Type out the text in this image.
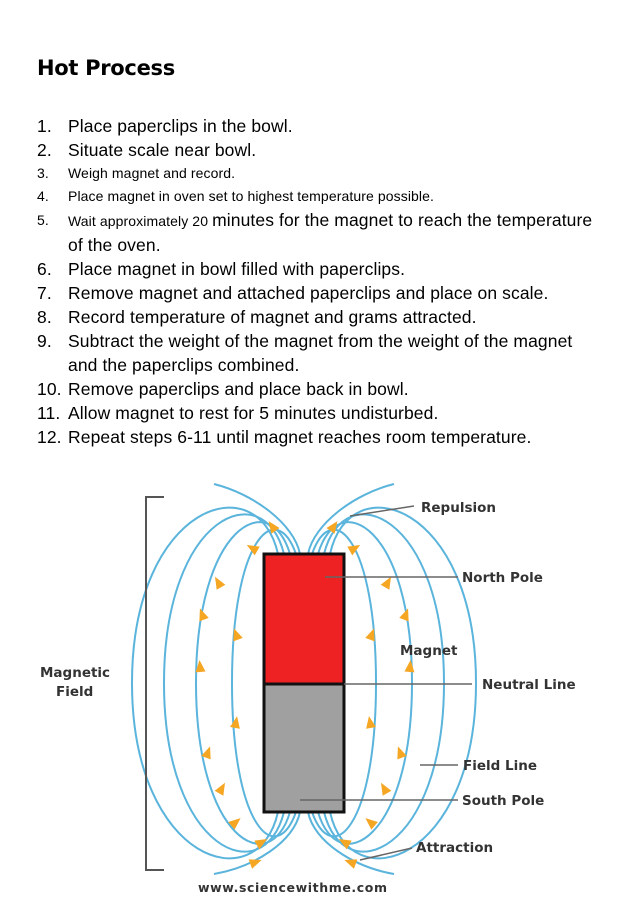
Hot Process
1. Place paperclips in the bowl.
2. Situate scale near bowl.
3.	Weigh magnet and record.
4.	Place magnet in oven set to highest temperature possible.
5.	Wait approximately 20 minutes for the magnet to reach the temperature of the oven.
6. Place magnet in bowl filled with paperclips.
7. Remove magnet and attached paperclips and place on scale.
8. Record temperature of magnet and grams attracted.
9. Subtract the weight of the magnet from the weight of the magnet and the paperclips combined.
10. Remove paperclips and place back in bowl.
11. Allow magnet to rest for 5 minutes undisturbed.
12. Repeat steps 6-11 until magnet reaches room temperature.
Magnetic
Field
Repulsion
North Pole
Magnet
Neutral Line
Field Line
South Pole
Attraction
www.sciencewithme.com
